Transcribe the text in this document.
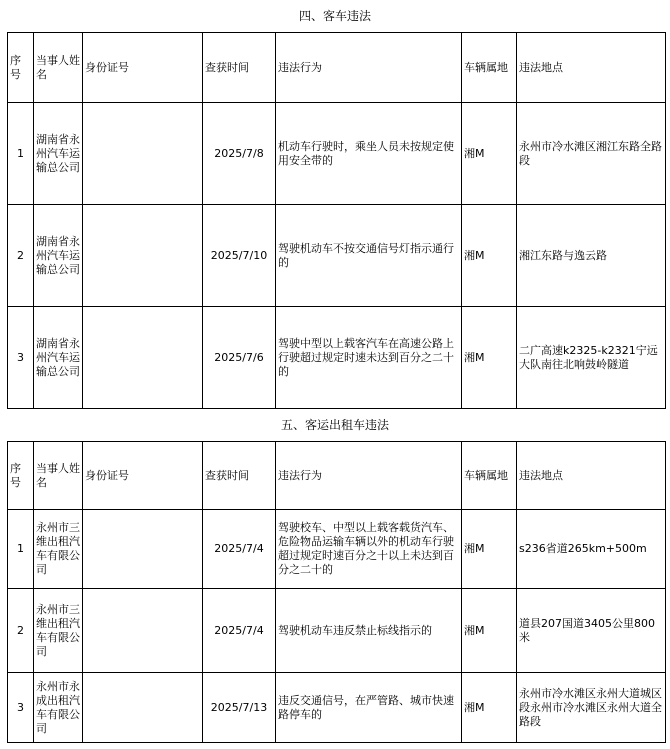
四、客车违法
序号	当事人姓名	身份证号	查获时间	违法行为	车辆属地	违法地点
1	湖南省永州汽车运输总公司		2025/7/8	机动车行驶时，乘坐人员未按规定使用安全带的	湘M	永州市冷水滩区湘江东路全路段
2	湖南省永州汽车运输总公司		2025/7/10	驾驶机动车不按交通信号灯指示通行的	湘M	湘江东路与逸云路
3	湖南省永州汽车运输总公司		2025/7/6	驾驶中型以上载客汽车在高速公路上行驶超过规定时速未达到百分之二十的	湘M	二广高速k2325-k2321宁远大队南往北响鼓岭隧道
五、客运出租车违法
序号	当事人姓名	身份证号	查获时间	违法行为	车辆属地	违法地点
1	永州市三维出租汽车有限公司		2025/7/4	驾驶校车、中型以上载客载货汽车、危险物品运输车辆以外的机动车行驶超过规定时速百分之十以上未达到百分之二十的	湘M	s236省道265km+500m
2	永州市三维出租汽车有限公司		2025/7/4	驾驶机动车违反禁止标线指示的	湘M	道县207国道3405公里800米
3	永州市永成出租汽车有限公司		2025/7/13	违反交通信号，在严管路、城市快速路停车的	湘M	永州市冷水滩区永州大道城区段永州市冷水滩区永州大道全路段
